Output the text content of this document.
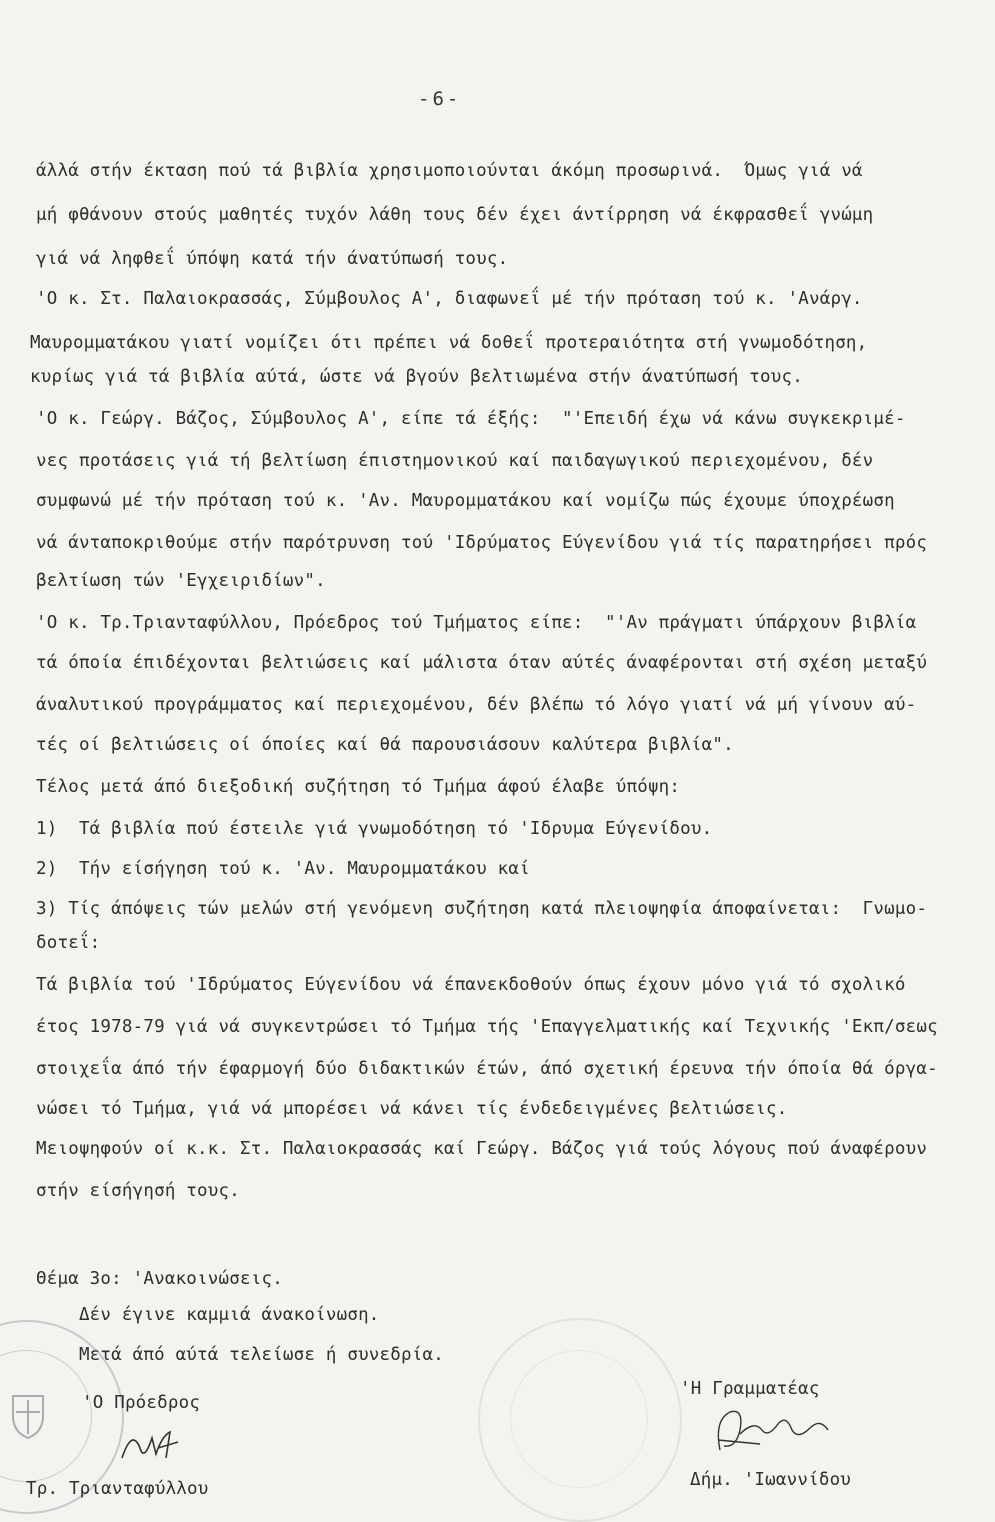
-6-
άλλά στήν έκταση πού τά βιβλία χρησιμοποιούνται άκόμη προσωρινά.  Όμως γιά νά
μή φθάνουν στούς μαθητές τυχόν λάθη τους δέν έχει άντίρρηση νά έκφρασθεΐ γνώμη
γιά νά ληφθεΐ ύπόψη κατά τήν άνατύπωσή τους.
'Ο κ. Στ. Παλαιοκρασσάς, Σύμβουλος Α', διαφωνεΐ μέ τήν πρόταση τού κ. 'Ανάργ.
Μαυρομματάκου γιατί νομίζει ότι πρέπει νά δοθεΐ προτεραιότητα στή γνωμοδότηση,
κυρίως γιά τά βιβλία αύτά, ώστε νά βγούν βελτιωμένα στήν άνατύπωσή τους.
'Ο κ. Γεώργ. Βάζος, Σύμβουλος Α', είπε τά έξής:  "'Επειδή έχω νά κάνω συγκεκριμέ-
νες προτάσεις γιά τή βελτίωση έπιστημονικού καί παιδαγωγικού περιεχομένου, δέν
συμφωνώ μέ τήν πρόταση τού κ. 'Αν. Μαυρομματάκου καί νομίζω πώς έχουμε ύποχρέωση
νά άνταποκριθούμε στήν παρότρυνση τού 'Ιδρύματος Εύγενίδου γιά τίς παρατηρήσει πρός
βελτίωση τών 'Εγχειριδίων".
'Ο κ. Τρ.Τριανταφύλλου, Πρόεδρος τού Τμήματος είπε:  "'Αν πράγματι ύπάρχουν βιβλία
τά όποία έπιδέχονται βελτιώσεις καί μάλιστα όταν αύτές άναφέρονται στή σχέση μεταξύ
άναλυτικού προγράμματος καί περιεχομένου, δέν βλέπω τό λόγο γιατί νά μή γίνουν αύ-
τές οί βελτιώσεις οί όποίες καί θά παρουσιάσουν καλύτερα βιβλία".
Τέλος μετά άπό διεξοδική συζήτηση τό Τμήμα άφού έλαβε ύπόψη:
1)  Τά βιβλία πού έστειλε γιά γνωμοδότηση τό 'Ιδρυμα Εύγενίδου.
2)  Τήν είσήγηση τού κ. 'Αν. Μαυρομματάκου καί
3) Τίς άπόψεις τών μελών στή γενόμενη συζήτηση κατά πλειοψηφία άποφαίνεται:  Γνωμο-
δοτεΐ:
Τά βιβλία τού 'Ιδρύματος Εύγενίδου νά έπανεκδοθούν όπως έχουν μόνο γιά τό σχολικό
έτος 1978-79 γιά νά συγκεντρώσει τό Τμήμα τής 'Επαγγελματικής καί Τεχνικής 'Εκπ/σεως
στοιχεΐα άπό τήν έφαρμογή δύο διδακτικών έτών, άπό σχετική έρευνα τήν όποία θά όργα-
νώσει τό Τμήμα, γιά νά μπορέσει νά κάνει τίς ένδεδειγμένες βελτιώσεις.
Μειοψηφούν οί κ.κ. Στ. Παλαιοκρασσάς καί Γεώργ. Βάζος γιά τούς λόγους πού άναφέρουν
στήν είσήγησή τους.
Θέμα 3ο: 'Ανακοινώσεις.
Δέν έγινε καμμιά άνακοίνωση.
Μετά άπό αύτά τελείωσε ή συνεδρία.
'Ο Πρόεδρος
Τρ. Τριανταφύλλου
'Η Γραμματέας
Δήμ. 'Ιωαννίδου
